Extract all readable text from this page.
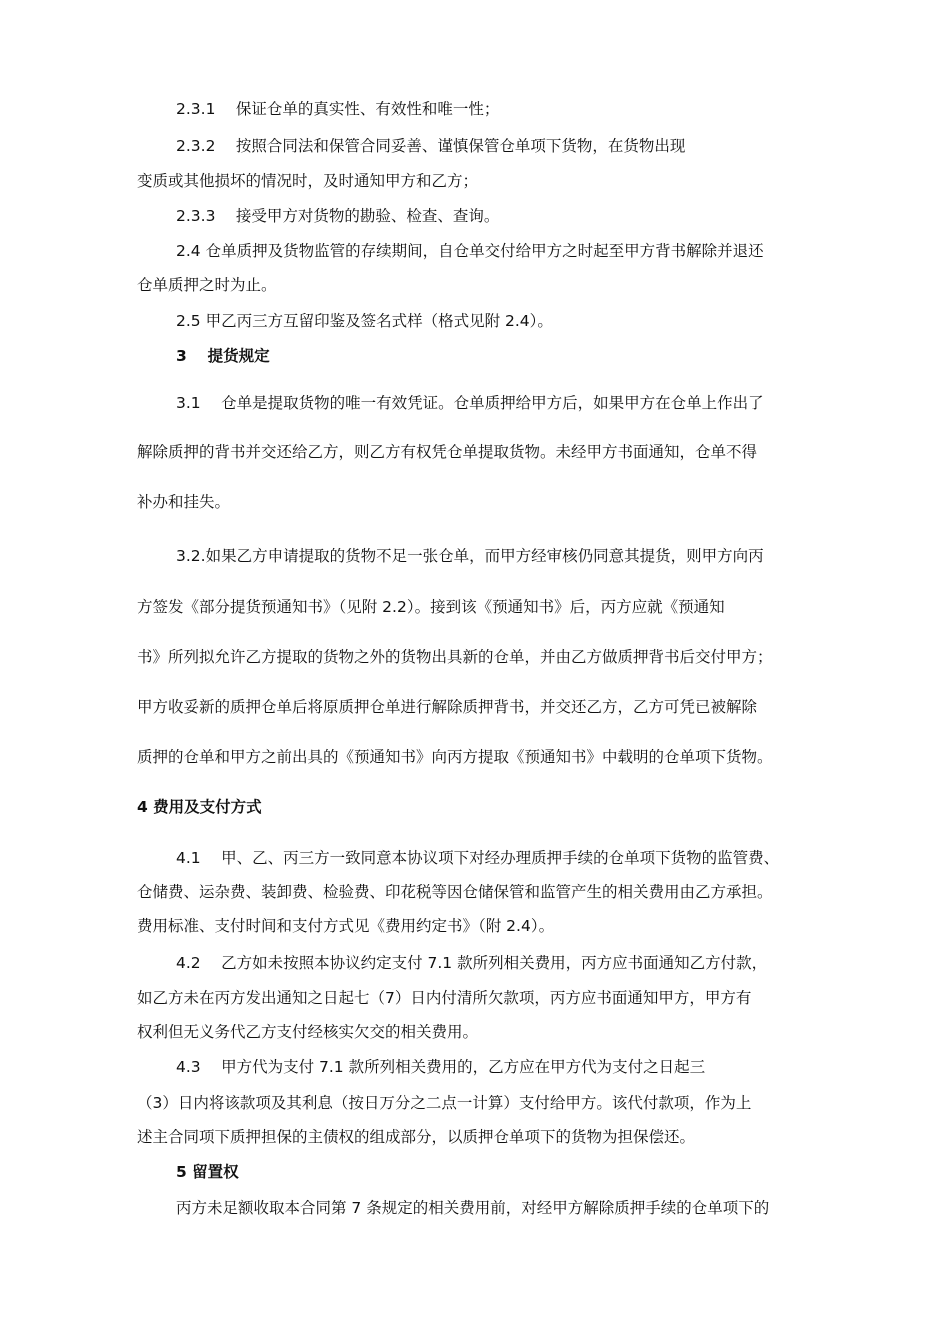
2.3.1　 保证仓单的真实性、有效性和唯一性；
2.3.2　 按照合同法和保管合同妥善、谨慎保管仓单项下货物，在货物出现
变质或其他损坏的情况时，及时通知甲方和乙方；
2.3.3　 接受甲方对货物的勘验、检查、查询。
2.4 仓单质押及货物监管的存续期间，自仓单交付给甲方之时起至甲方背书解除并退还
仓单质押之时为止。
2.5 甲乙丙三方互留印鉴及签名式样（格式见附 2.4）。
3　 提货规定
3.1　 仓单是提取货物的唯一有效凭证。仓单质押给甲方后，如果甲方在仓单上作出了
解除质押的背书并交还给乙方，则乙方有权凭仓单提取货物。未经甲方书面通知，仓单不得
补办和挂失。
3.2.如果乙方申请提取的货物不足一张仓单，而甲方经审核仍同意其提货，则甲方向丙
方签发《部分提货预通知书》（见附 2.2）。接到该《预通知书》后，丙方应就《预通知
书》所列拟允许乙方提取的货物之外的货物出具新的仓单，并由乙方做质押背书后交付甲方；
甲方收妥新的质押仓单后将原质押仓单进行解除质押背书，并交还乙方，乙方可凭已被解除
质押的仓单和甲方之前出具的《预通知书》向丙方提取《预通知书》中载明的仓单项下货物。
4 费用及支付方式
4.1　 甲、乙、丙三方一致同意本协议项下对经办理质押手续的仓单项下货物的监管费、
仓储费、运杂费、装卸费、检验费、印花税等因仓储保管和监管产生的相关费用由乙方承担。
费用标准、支付时间和支付方式见《费用约定书》（附 2.4）。
4.2　 乙方如未按照本协议约定支付 7.1 款所列相关费用，丙方应书面通知乙方付款，
如乙方未在丙方发出通知之日起七（7）日内付清所欠款项，丙方应书面通知甲方，甲方有
权利但无义务代乙方支付经核实欠交的相关费用。
4.3　 甲方代为支付 7.1 款所列相关费用的，乙方应在甲方代为支付之日起三
（3）日内将该款项及其利息（按日万分之二点一计算）支付给甲方。该代付款项，作为上
述主合同项下质押担保的主债权的组成部分，以质押仓单项下的货物为担保偿还。
5 留置权
丙方未足额收取本合同第 7 条规定的相关费用前，对经甲方解除质押手续的仓单项下的
